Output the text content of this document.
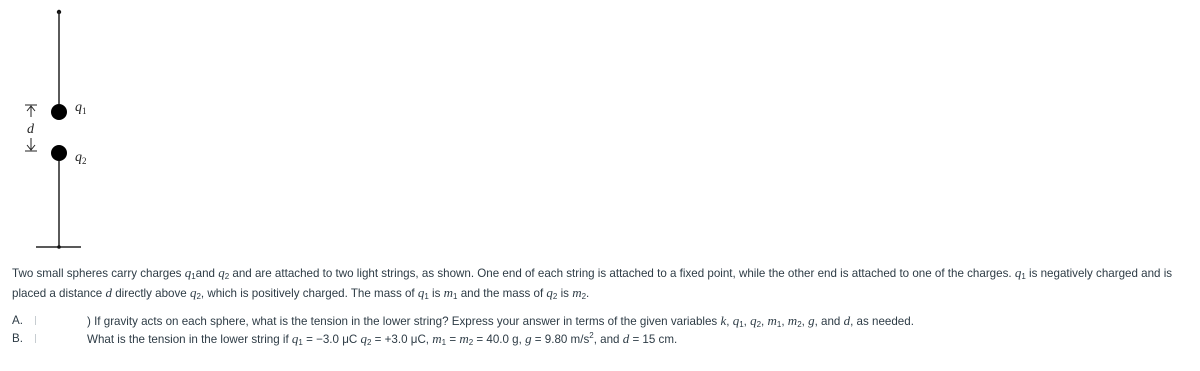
$q_1$
$q_2$
d
Two small spheres carry charges $q_1and$ $q_2$ and are attached to two light strings, as shown. One end of each string is attached to a fixed point, while the other end is attached to one of the charges. $q_1$ is negatively charged and is placed a distance d directly above $q_2$, which is positively charged. The mass of $q_1$ is $m_1$ and the mass of $q_2$ is $m_2$.
A.	) If gravity acts on each sphere, what is the tension in the lower string? Express your answer in terms of the given variables k, $q_1$, $q_2$, $m_1$, $m_2$, g, and d, as needed.
B.	What is the tension in the lower string if $q_1 = -3.0$ μC $q_2 = +3.0$ μC, $m_1 = m_2 = 40.0$ g, g = 9.80 $m/s^2$, and d = 15 cm.
